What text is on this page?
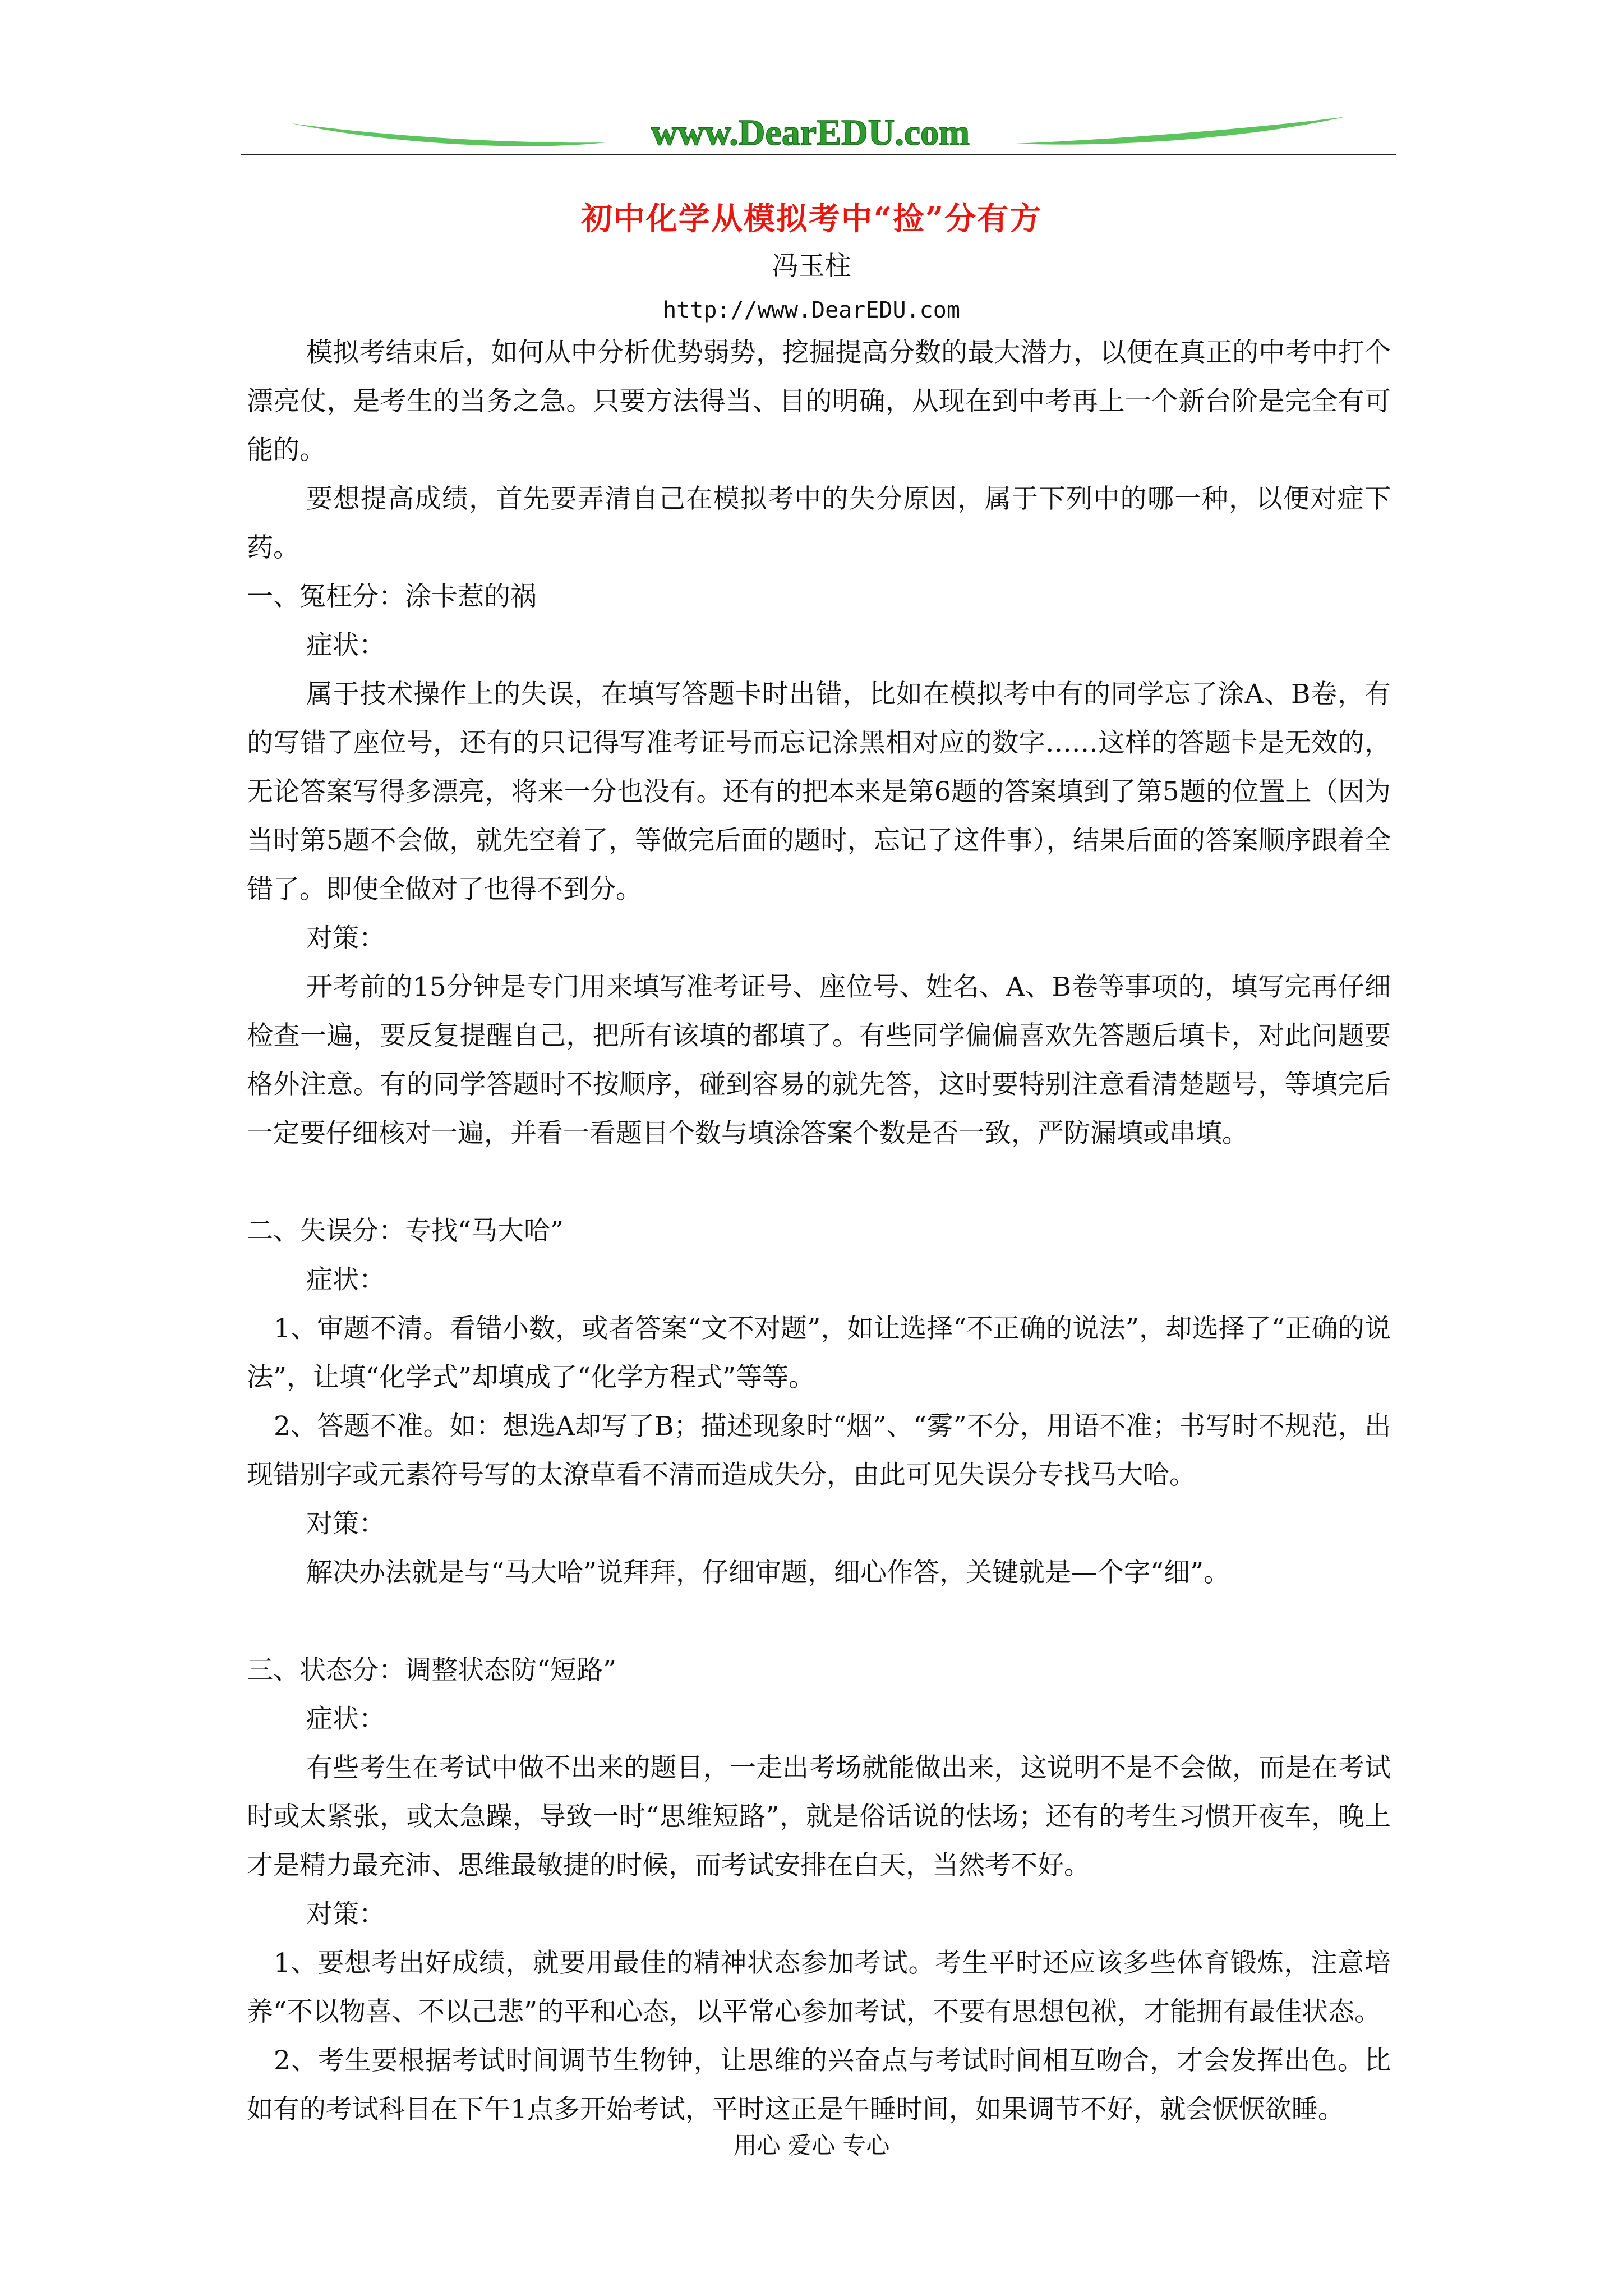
www.DearEDU.com
初中化学从模拟考中“捡”分有方
冯玉柱
http://www.DearEDU.com

模拟考结束后，如何从中分析优势弱势，挖掘提高分数的最大潜力，以便在真正的中考中打个漂亮仗，是考生的当务之急。只要方法得当、目的明确，从现在到中考再上一个新台阶是完全有可能的。

要想提高成绩，首先要弄清自己在模拟考中的失分原因，属于下列中的哪一种，以便对症下药。

一、冤枉分：涂卡惹的祸

症状：

属于技术操作上的失误，在填写答题卡时出错，比如在模拟考中有的同学忘了涂A、B卷，有的写错了座位号，还有的只记得写准考证号而忘记涂黑相对应的数字……这样的答题卡是无效的，无论答案写得多漂亮，将来一分也没有。还有的把本来是第6题的答案填到了第5题的位置上（因为当时第5题不会做，就先空着了，等做完后面的题时，忘记了这件事），结果后面的答案顺序跟着全错了。即使全做对了也得不到分。

对策：

开考前的15分钟是专门用来填写准考证号、座位号、姓名、A、B卷等事项的，填写完再仔细检查一遍，要反复提醒自己，把所有该填的都填了。有些同学偏偏喜欢先答题后填卡，对此问题要格外注意。有的同学答题时不按顺序，碰到容易的就先答，这时要特别注意看清楚题号，等填完后一定要仔细核对一遍，并看一看题目个数与填涂答案个数是否一致，严防漏填或串填。

二、失误分：专找“马大哈”

症状：

1、审题不清。看错小数，或者答案“文不对题”，如让选择“不正确的说法”，却选择了“正确的说法”，让填“化学式”却填成了“化学方程式”等等。

2、答题不准。如：想选A却写了B；描述现象时“烟”、“雾”不分，用语不准；书写时不规范，出现错别字或元素符号写的太潦草看不清而造成失分，由此可见失误分专找马大哈。

对策：

解决办法就是与“马大哈”说拜拜，仔细审题，细心作答，关键就是—个字“细”。

三、状态分：调整状态防“短路”

症状：

有些考生在考试中做不出来的题目，一走出考场就能做出来，这说明不是不会做，而是在考试时或太紧张，或太急躁，导致一时“思维短路”，就是俗话说的怯场；还有的考生习惯开夜车，晚上才是精力最充沛、思维最敏捷的时候，而考试安排在白天，当然考不好。

对策：

1、要想考出好成绩，就要用最佳的精神状态参加考试。考生平时还应该多些体育锻炼，注意培养“不以物喜、不以己悲”的平和心态，以平常心参加考试，不要有思想包袱，才能拥有最佳状态。

2、考生要根据考试时间调节生物钟，让思维的兴奋点与考试时间相互吻合，才会发挥出色。比如有的考试科目在下午1点多开始考试，平时这正是午睡时间，如果调节不好，就会恹恹欲睡。

用心 爱心 专心
